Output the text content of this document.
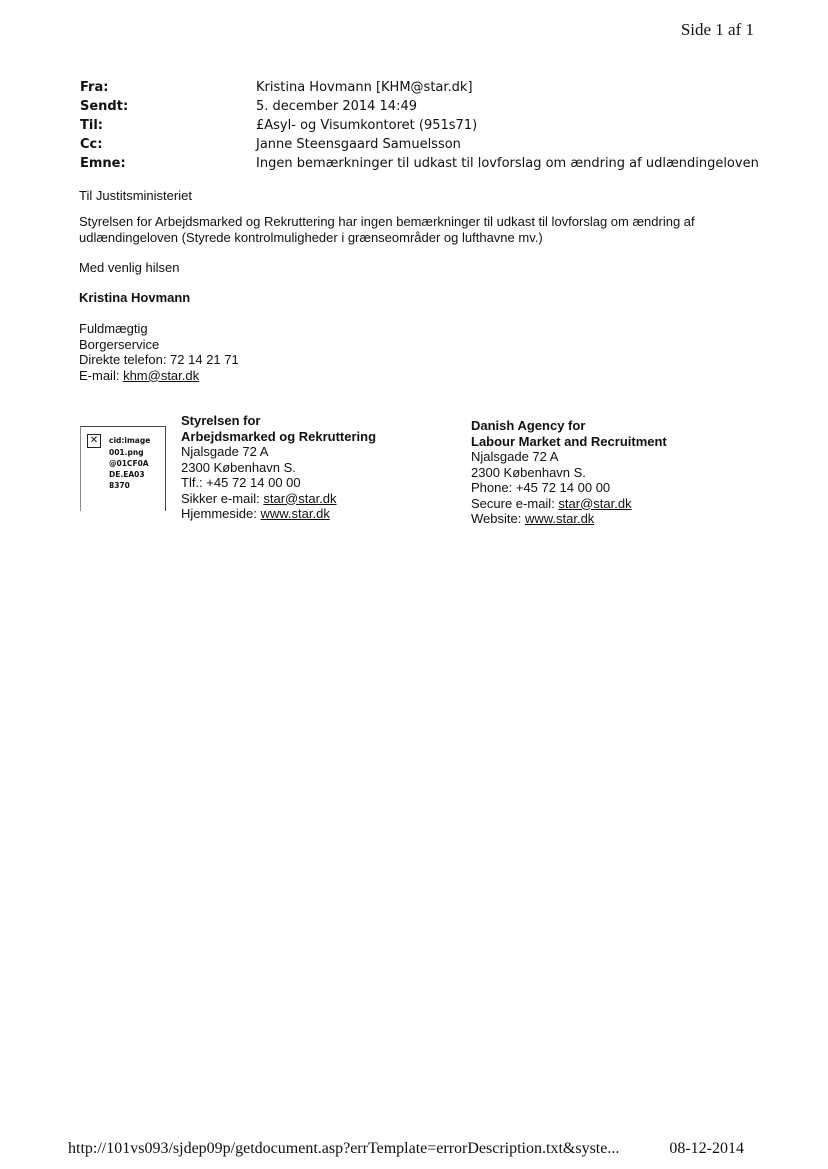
Side 1 af 1
Fra:	Kristina Hovmann [KHM@star.dk]
Sendt:	5. december 2014 14:49
Til:	£Asyl- og Visumkontoret (951s71)
Cc:	Janne Steensgaard Samuelsson
Emne:	Ingen bemærkninger til udkast til lovforslag om ændring af udlændingeloven

Til Justitsministeriet

Styrelsen for Arbejdsmarked og Rekruttering har ingen bemærkninger til udkast til lovforslag om ændring af udlændingeloven (Styrede kontrolmuligheder i grænseområder og lufthavne mv.)

Med venlig hilsen

Kristina Hovmann

Fuldmægtig
Borgerservice
Direkte telefon: 72 14 21 71
E-mail: khm@star.dk
✕	cid:image
001.png
@01CF0A
DE.EA03
8370
Styrelsen for
Arbejdsmarked og Rekruttering
Njalsgade 72 A
2300 København S.
Tlf.: +45 72 14 00 00
Sikker e-mail: star@star.dk
Hjemmeside: www.star.dk
Danish Agency for
Labour Market and Recruitment
Njalsgade 72 A
2300 København S.
Phone: +45 72 14 00 00
Secure e-mail: star@star.dk
Website: www.star.dk
http://101vs093/sjdep09p/getdocument.asp?errTemplate=errorDescription.txt&syste...	08-12-2014
